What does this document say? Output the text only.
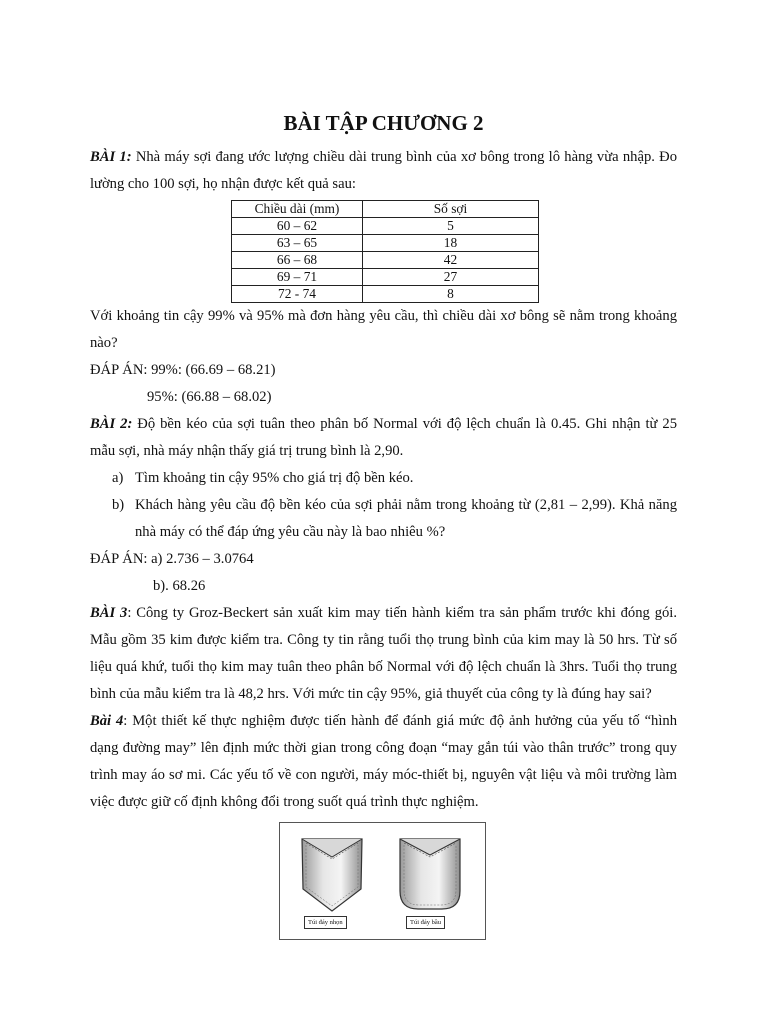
BÀI TẬP CHƯƠNG 2

BÀI 1: Nhà máy sợi đang ước lượng chiều dài trung bình của xơ bông trong lô hàng vừa nhập. Đo lường cho 100 sợi, họ nhận được kết quả sau:

Chiều dài (mm)	Số sợi
60 – 62	5
63 – 65	18
66 – 68	42
69 – 71	27
72 - 74	8

Với khoảng tin cậy 99% và 95% mà đơn hàng yêu cầu, thì chiều dài xơ bông sẽ nằm trong khoảng nào?

ĐÁP ÁN: 99%: (66.69 – 68.21)

95%: (66.88 – 68.02)

BÀI 2: Độ bền kéo của sợi tuân theo phân bố Normal với độ lệch chuẩn là 0.45. Ghi nhận từ 25 mẫu sợi, nhà máy nhận thấy giá trị trung bình là 2,90.

a) Tìm khoảng tin cậy 95% cho giá trị độ bền kéo.

b) Khách hàng yêu cầu độ bền kéo của sợi phải nằm trong khoảng từ (2,81 – 2,99). Khả năng nhà máy có thể đáp ứng yêu cầu này là bao nhiêu %?

ĐÁP ÁN: a) 2.736 – 3.0764

b). 68.26

BÀI 3: Công ty Groz-Beckert sản xuất kim may tiến hành kiểm tra sản phẩm trước khi đóng gói. Mẫu gồm 35 kim được kiểm tra. Công ty tin rằng tuổi thọ trung bình của kim may là 50 hrs. Từ số liệu quá khứ, tuổi thọ kim may tuân theo phân bố Normal với độ lệch chuẩn là 3hrs. Tuổi thọ trung bình của mẫu kiểm tra là 48,2 hrs. Với mức tin cậy 95%, giả thuyết của công ty là đúng hay sai?

Bài 4: Một thiết kế thực nghiệm được tiến hành để đánh giá mức độ ảnh hưởng của yếu tố “hình dạng đường may” lên định mức thời gian trong công đoạn “may gắn túi vào thân trước” trong quy trình may áo sơ mi. Các yếu tố về con người, máy móc-thiết bị, nguyên vật liệu và môi trường làm việc được giữ cố định không đổi trong suốt quá trình thực nghiệm.

Túi đáy nhọn	Túi đáy bầu
